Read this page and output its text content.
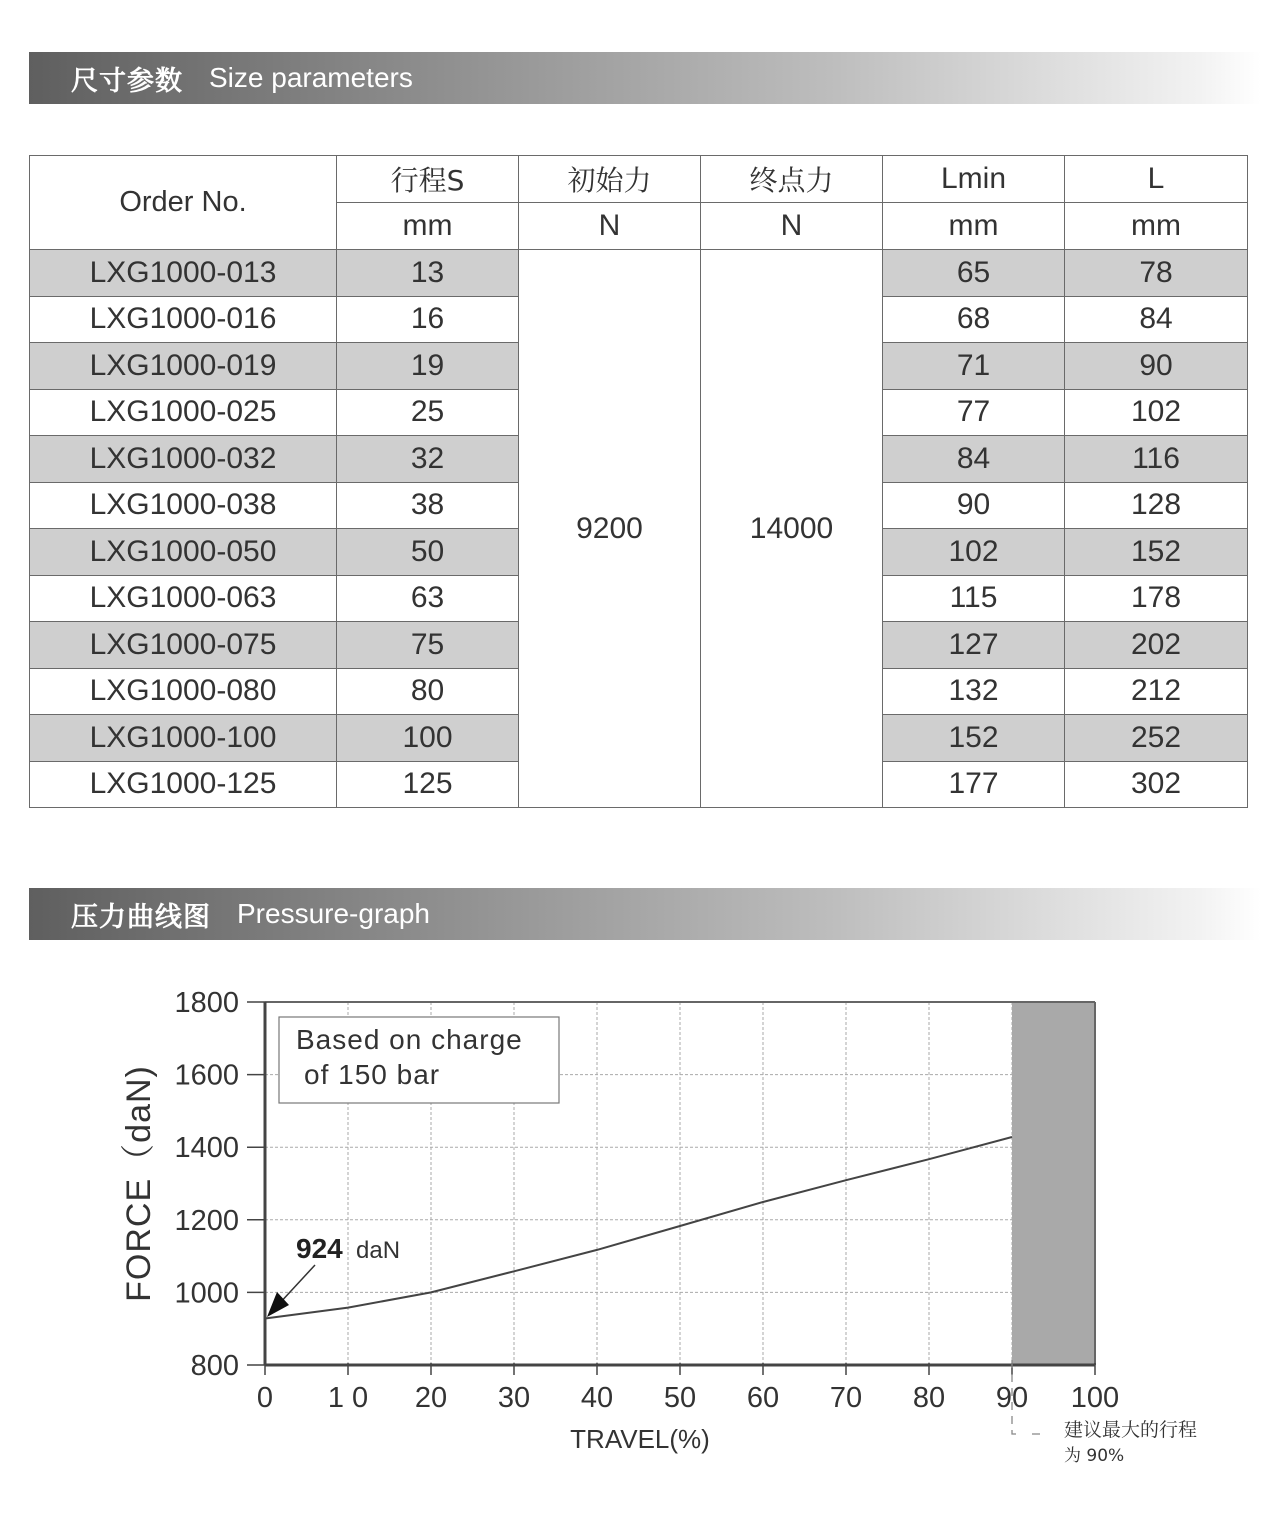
尺寸参数 Size parameters
Order No.	行程S	初始力	终点力	Lmin	L
	mm	N	N	mm	mm
LXG1000-013	13	9200	14000	65	78
LXG1000-016	16			68	84
LXG1000-019	19			71	90
LXG1000-025	25			77	102
LXG1000-032	32			84	116
LXG1000-038	38			90	128
LXG1000-050	50			102	152
LXG1000-063	63			115	178
LXG1000-075	75			127	202
LXG1000-080	80			132	212
LXG1000-100	100			152	252
LXG1000-125	125			177	302
压力曲线图 Pressure-graph
0 1 0 20 30 40 50 60 70 80 90 100
1800
1600
1400
1200
1000
800
Based on charge
of 150 bar
924 daN
FORCE（daN)
TRAVEL(%)	建议最大的行程
为 90%
